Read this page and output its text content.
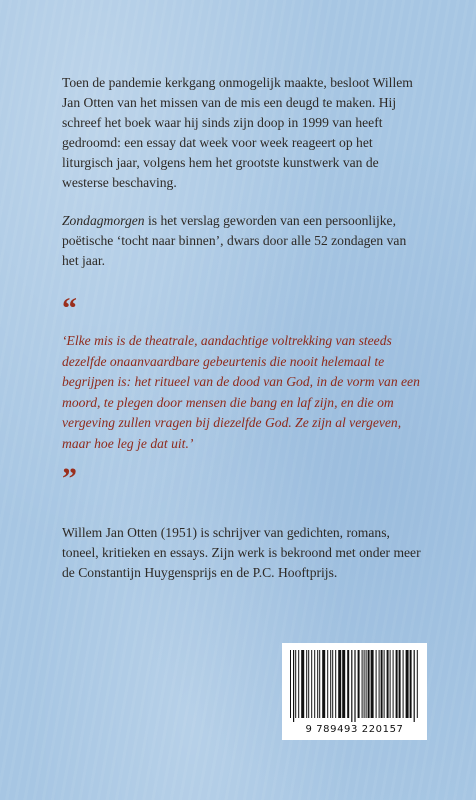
Toen de pandemie kerkgang onmogelijk maakte, besloot Willem Jan Otten van het missen van de mis een deugd te maken. Hij schreef het boek waar hij sinds zijn doop in 1999 van heeft gedroomd: een essay dat week voor week reageert op het liturgisch jaar, volgens hem het grootste kunstwerk van de westerse beschaving.

Zondagmorgen is het verslag geworden van een persoonlijke, poëtische ‘tocht naar binnen’, dwars door alle 52 zondagen van het jaar.

“

‘Elke mis is de theatrale, aandachtige voltrekking van steeds dezelfde onaanvaardbare gebeurtenis die nooit helemaal te begrijpen is: het ritueel van de dood van God, in de vorm van een moord, te plegen door mensen die bang en laf zijn, en die om vergeving zullen vragen bij diezelfde God. Ze zijn al vergeven, maar hoe leg je dat uit.’

”

Willem Jan Otten (1951) is schrijver van gedichten, romans, toneel, kritieken en essays. Zijn werk is bekroond met onder meer de Constantijn Huygensprijs en de P.C. Hooftprijs.

9 789493 220157
